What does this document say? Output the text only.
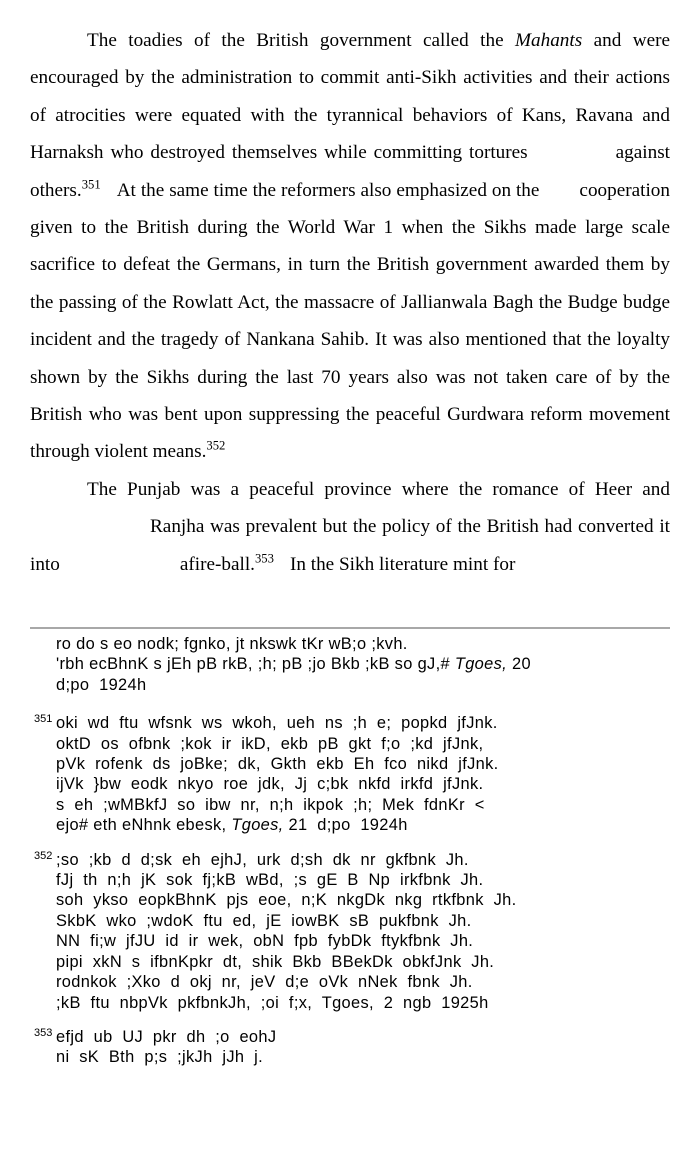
The toadies of the British government called the Mahants and were encouraged by the administration to commit anti-Sikh activities and their actions of atrocities were equated with the tyrannical behaviors of Kans, Ravana and Harnaksh who destroyed themselves while committing tortures	against others.$^{351}$ At the same time the reformers also emphasized on the cooperation given to the British during the World War 1 when the Sikhs made large scale sacrifice to defeat the Germans, in turn the British government awarded them by the passing of the Rowlatt Act, the massacre of Jallianwala Bagh the Budge budge incident and the tragedy of Nankana Sahib. It was also mentioned that the loyalty shown by the Sikhs during the last 70 years also was not taken care of by the British who was bent upon suppressing the peaceful Gurdwara reform movement through violent means.$^{352}$

The Punjab was a peaceful province where the romance of Heer andRanjha was prevalent but the policy of the British had converted it into	afire-ball.$^{353}$ In the Sikh literature mint for

ro do s eo nodk; fgnko, jt nkswk tKr wB;o ;kvh.
'rbh ecBhnK s jEh pB rkB, ;h; pB ;jo Bkb ;kB so gJ,# Tgoes, 20
d;po  1924h
351 oki  wd  ftu  wfsnk  ws  wkoh,  ueh  ns  ;h  e;  popkd  jfJnk.
oktD  os  ofbnk  ;kok  ir  ikD,  ekb  pB  gkt  f;o  ;kd  jfJnk,
pVk  rofenk  ds  joBke;  dk,  Gkth  ekb  Eh  fco  nikd  jfJnk.
ijVk  }bw  eodk  nkyo  roe  jdk,  Jj  c;bk  nkfd  irkfd  jfJnk.
s  eh  ;wMBkfJ  so  ibw  nr,  n;h  ikpok  ;h;  Mek  fdnKr  <
ejo# eth eNhnk ebesk, Tgoes, 21  d;po  1924h
352 ;so  ;kb  d  d;sk  eh  ejhJ,  urk  d;sh  dk  nr  gkfbnk  Jh.
fJj  th  n;h  jK  sok  fj;kB  wBd,  ;s  gE  B  Np  irkfbnk  Jh.
soh  ykso  eopkBhnK  pjs  eoe,  n;K  nkgDk  nkg  rtkfbnk  Jh.
SkbK  wko  ;wdoK  ftu  ed,  jE  iowBK  sB  pukfbnk  Jh.
NN  fi;w  jfJU  id  ir  wek,  obN  fpb  fybDk  ftykfbnk  Jh.
pipi  xkN  s  ifbnKpkr  dt,  shik  Bkb  BBekDk  obkfJnk  Jh.
rodnkok  ;Xko  d  okj  nr,  jeV  d;e  oVk  nNek  fbnk  Jh.
;kB  ftu  nbpVk  pkfbnkJh,  ;oi  f;x,  Tgoes,  2  ngb  1925h
353 efjd  ub  UJ  pkr  dh  ;o  eohJ
ni  sK  Bth  p;s  ;jkJh  jJh  j.
